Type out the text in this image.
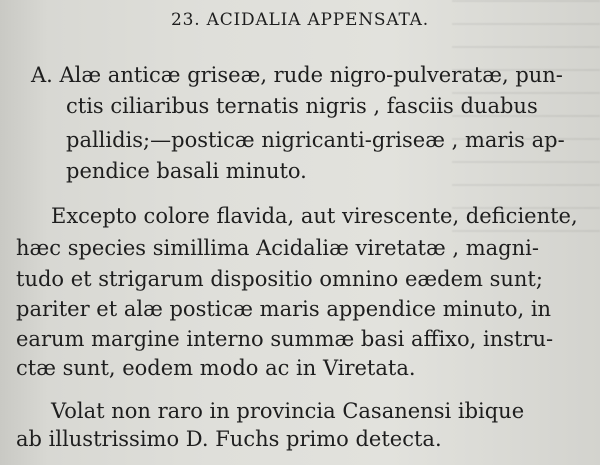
23. ACIDALIA APPENSATA.
A. Alæ anticæ griseæ, rude nigro-pulveratæ, pun-
ctis ciliaribus ternatis nigris , fasciis duabus
pallidis;—posticæ nigricanti-griseæ , maris ap-
pendice basali minuto.
Excepto colore flavida, aut virescente, deficiente,
hæc species simillima Acidaliæ viretatæ , magni-
tudo et strigarum dispositio omnino eædem sunt;
pariter et alæ posticæ maris appendice minuto, in
earum margine interno summæ basi affixo, instru-
ctæ sunt, eodem modo ac in Viretata.
Volat non raro in provincia Casanensi ibique
ab illustrissimo D. Fuchs primo detecta.
